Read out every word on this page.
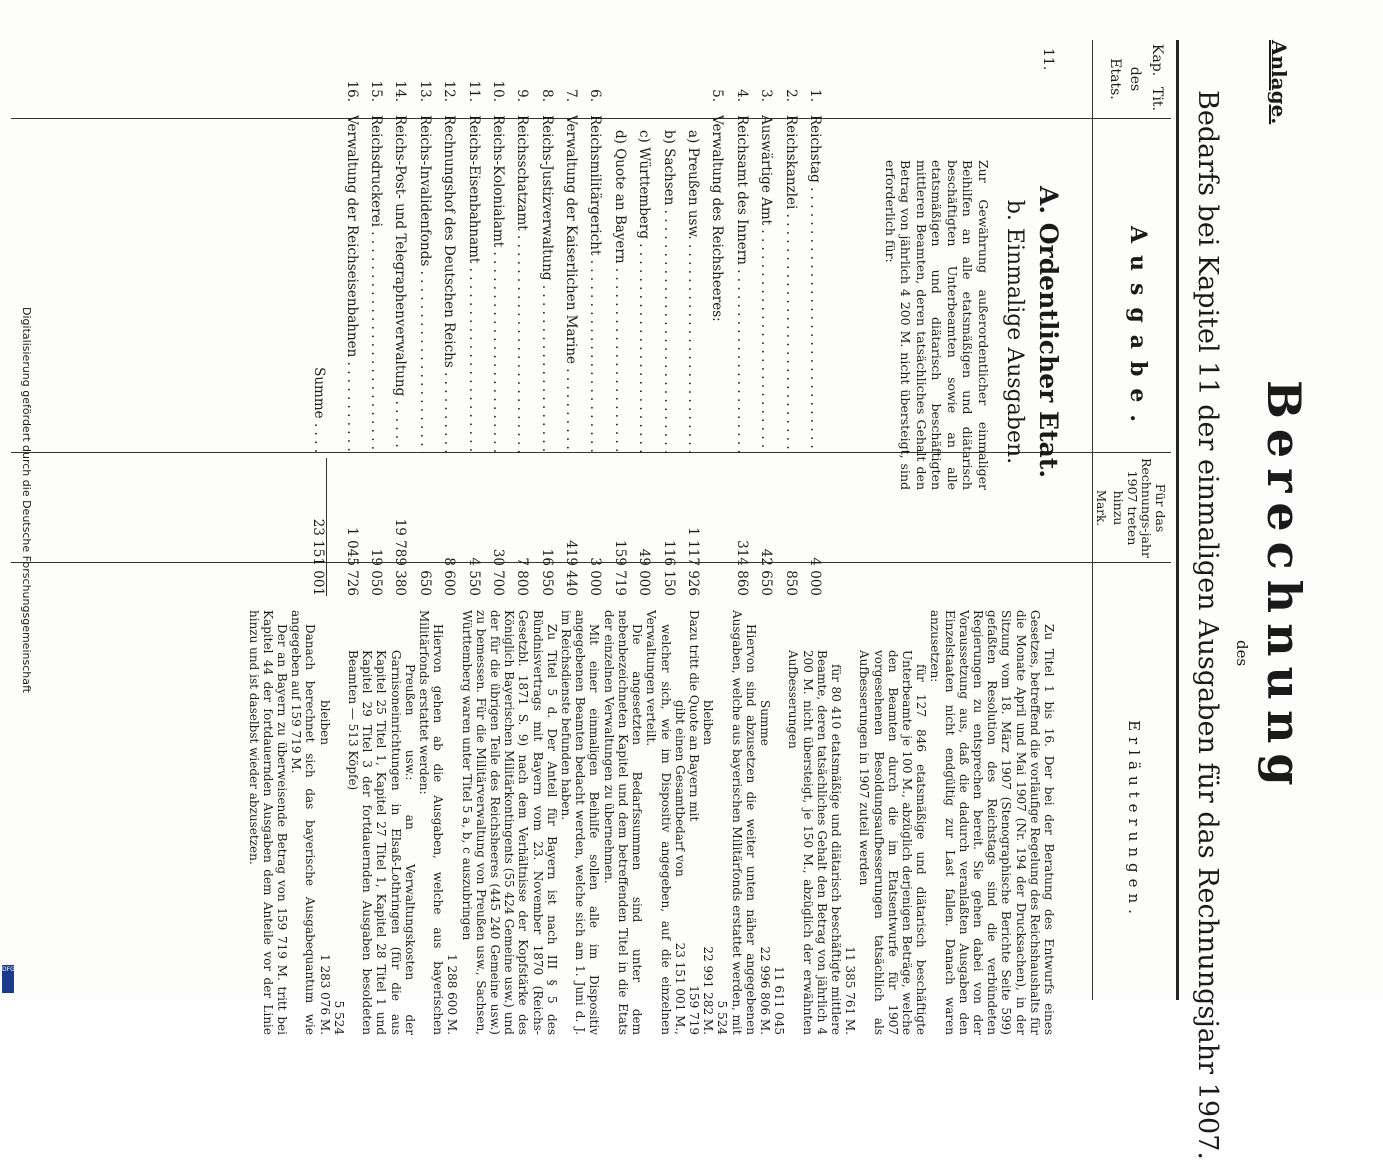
Anlage.
Berechnung
des
Bedarfs bei Kapitel 11 der einmaligen Ausgaben für das Rechnungsjahr 1907.
Kap.
Tit.
des
Etats.
Ausgabe.
Für das Rechnungs-jahr 1907 treten hinzu
Mark.
Erläuterungen.
11.
A. Ordentlicher Etat.
b. Einmalige Ausgaben.
Zur Gewährung außerordentlicher einmaliger Beihilfen an alle etatsmäßigen und diätarisch beschäftigten Unterbeamten sowie an alle etatsmäßigen und diätarisch beschäftigten mittleren Beamten, deren tatsächliches Gehalt den Betrag von jährlich 4 200 M. nicht übersteigt, sind erforderlich für:
1.
Reichstag . . .
4 000
2.
Reichskanzlei . . .
850
3.
Auswärtige Amt . . .
42 650
4.
Reichsamt des Innern . . .
314 860
5.
Verwaltung des Reichsheeres:
a) Preußen usw. . . .
1 117 926
b) Sachsen . . .
116 150
c) Württemberg . . .
49 000
d) Quote an Bayern . . .
159 719
6.
Reichsmilitärgericht . . .
3 000
7.
Verwaltung der Kaiserlichen Marine . . .
419 440
8.
Reichs-Justizverwaltung . . .
16 950
9.
Reichsschatzamt . . .
7 800
10.
Reichs-Kolonialamt . . .
30 700
11.
Reichs-Eisenbahnamt . . .
4 550
12.
Rechnungshof des Deutschen Reichs . . .
8 600
13.
Reichs-Invalidenfonds . . .
650
14.
Reichs-Post- und Telegraphenverwaltung . . .
19 789 380
15.
Reichsdruckerei . . .
19 050
16.
Verwaltung der Reichseisenbahnen . . .
1 045 726
Summe . . . .
23 151 001

Zu Titel 1 bis 16. Der bei der Beratung des Entwurfs eines Gesetzes, betreffend die vorläufige Regelung des Reichshaushalts für die Monate April und Mai 1907 (Nr. 194 der Drucksachen), in der Sitzung vom 18. März 1907 (Stenographische Berichte Seite 599) gefaßten Resolution des Reichstags sind die verbündeten Regierungen zu entsprechen bereit. Sie gehen dabei von der Voraussetzung aus, daß die dadurch veranlaßten Ausgaben den Einzelstaaten nicht endgültig zur Last fallen. Danach waren anzusetzen:

für 127 846 etatsmäßige und diätarisch beschäftigte Unterbeamte je 100 M., abzüglich derjenigen Beträge, welche den Beamten durch die im Etatsentwurfe für 1907 vorgesehenen Besoldungsaufbesserungen tatsächlich als Aufbesserungen in 1907 zuteil werden

11 385 761 M.

für 80 410 etatsmäßige und diätarisch beschäftigte mittlere Beamte, deren tatsächliches Gehalt den Betrag von jährlich 4 200 M. nicht übersteigt, je 150 M., abzüglich der erwähnten Aufbesserungen

11 611 045
Summe
22 996 806 M.

Hiervon sind abzusetzen die weiter unten näher angegebenen Ausgaben, welche aus bayerischen Militärfonds erstattet werden, mit

5 524
bleiben
22 991 282 M.
Dazu tritt die Quote an Bayern mit
159 719
gibt einen Gesamtbedarf von
23 151 001 M.,

welcher sich, wie im Dispositiv angegeben, auf die einzelnen Verwaltungen verteilt.

Die angesetzten Bedarfssummen sind unter dem nebenbezeichneten Kapitel und dem betreffenden Titel in die Etats der einzelnen Verwaltungen zu übernehmen.

Mit einer einmaligen Beihilfe sollen alle im Dispositiv angegebenen Beamten bedacht werden, welche sich am 1. Juni d. J. im Reichsdienste befunden haben.

Zu Titel 5 d. Der Anteil für Bayern ist nach III § 5 des Bündnisvertrags mit Bayern vom 23. November 1870 (Reichs-Gesetzbl. 1871 S. 9) nach dem Verhältnisse der Kopfstärke des Königlich Bayerischen Militärkontingents (55 424 Gemeine usw.) und der für die übrigen Teile des Reichsheeres (445 240 Gemeine usw.) zu bemessen. Für die Militärverwaltung von Preußen usw., Sachsen, Württemberg waren unter Titel 5 a, b, c auszubringen

1 288 600 M.

Hiervon gehen ab die Ausgaben, welche aus bayerischen Militärfonds erstattet werden:

Preußen usw.: an Verwaltungskosten der Garnisoneinrichtungen in Elsaß-Lothringen (für die aus Kapitel 25 Titel 1, Kapitel 27 Titel 1, Kapitel 28 Titel 1 und Kapitel 29 Titel 3 der fortdauernden Ausgaben besoldeten Beamten — 513 Köpfe)

5 524
bleiben
1 283 076 M.

Danach berechnet sich das bayerische Ausgabequantum wie angegeben auf 159 719 M.

Der an Bayern zu überweisende Betrag von 159 719 M. tritt bei Kapitel 44 der fortdauernden Ausgaben dem Anteile vor der Linie hinzu und ist daselbst wieder abzusetzen.

Digitalisierung gefördert durch die Deutsche Forschungsgemeinschaft
DFG
